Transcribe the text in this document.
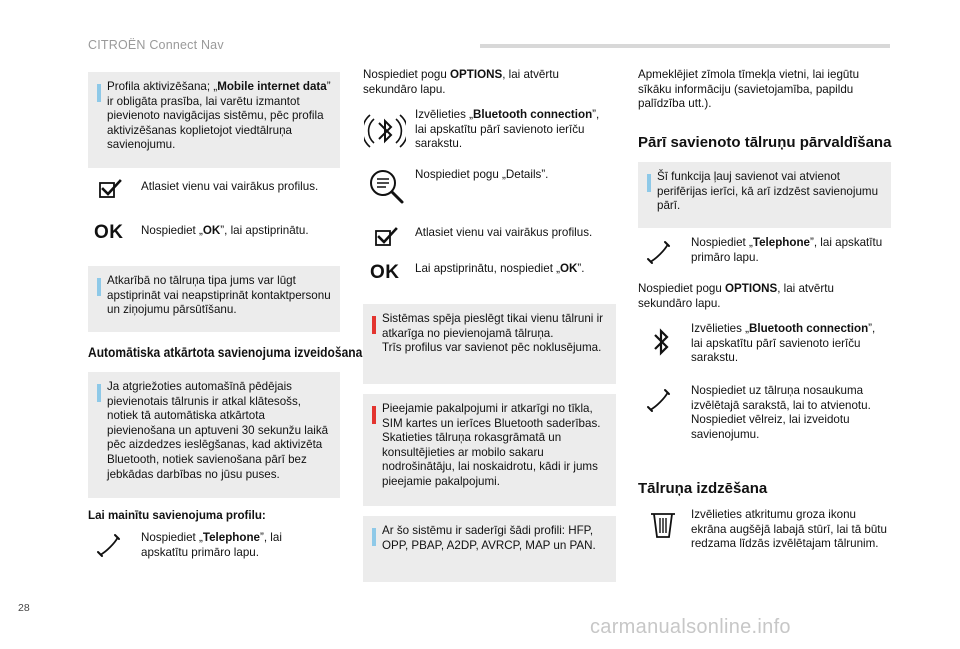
CITROËN Connect Nav
Profila aktivizēšana; „Mobile internet data” ir obligāta prasība, lai varētu izmantot pievienoto navigācijas sistēmu, pēc profila aktivizēšanas koplietojot viedtālruņa savienojumu.
Atlasiet vienu vai vairākus profilus.
OK Nospiediet „OK”, lai apstiprinātu.
Atkarībā no tālruņa tipa jums var lūgt apstiprināt vai neapstiprināt kontaktpersonu un ziņojumu pārsūtīšanu.
Automātiska atkārtota savienojuma izveidošana
Ja atgriežoties automašīnā pēdējais pievienotais tālrunis ir atkal klātesošs, notiek tā automātiska atkārtota pievienošana un aptuveni 30 sekunžu laikā pēc aizdedzes ieslēgšanas, kad aktivizēta Bluetooth, notiek savienošana pārī bez jebkādas darbības no jūsu puses.
Lai mainītu savienojuma profilu:
Nospiediet „Telephone”, lai apskatītu primāro lapu.
Nospiediet pogu OPTIONS, lai atvērtu sekundāro lapu.
Izvēlieties „Bluetooth connection”, lai apskatītu pārī savienoto ierīču sarakstu.
Nospiediet pogu „Details”.
Atlasiet vienu vai vairākus profilus.
OK Lai apstiprinātu, nospiediet „OK”.
Sistēmas spēja pieslēgt tikai vienu tālruni ir atkarīga no pievienojamā tālruņa.
Trīs profilus var savienot pēc noklusējuma.
Pieejamie pakalpojumi ir atkarīgi no tīkla, SIM kartes un ierīces Bluetooth saderības. Skatieties tālruņa rokasgrāmatā un konsultējieties ar mobilo sakaru nodrošinātāju, lai noskaidrotu, kādi ir jums pieejamie pakalpojumi.
Ar šo sistēmu ir saderīgi šādi profili: HFP, OPP, PBAP, A2DP, AVRCP, MAP un PAN.
Apmeklējiet zīmola tīmekļa vietni, lai iegūtu sīkāku informāciju (savietojamība, papildu palīdzība utt.).
Pārī savienoto tālruņu pārvaldīšana
Šī funkcija ļauj savienot vai atvienot perifērijas ierīci, kā arī izdzēst savienojumu pārī.
Nospiediet „Telephone”, lai apskatītu primāro lapu.
Nospiediet pogu OPTIONS, lai atvērtu sekundāro lapu.
Izvēlieties „Bluetooth connection”, lai apskatītu pārī savienoto ierīču sarakstu.
Nospiediet uz tālruņa nosaukuma izvēlētajā sarakstā, lai to atvienotu. Nospiediet vēlreiz, lai izveidotu savienojumu.
Tālruņa izdzēšana
Izvēlieties atkritumu groza ikonu ekrāna augšējā labajā stūrī, lai tā būtu redzama līdzās izvēlētajam tālrunim.
28
carmanualsonline.info
